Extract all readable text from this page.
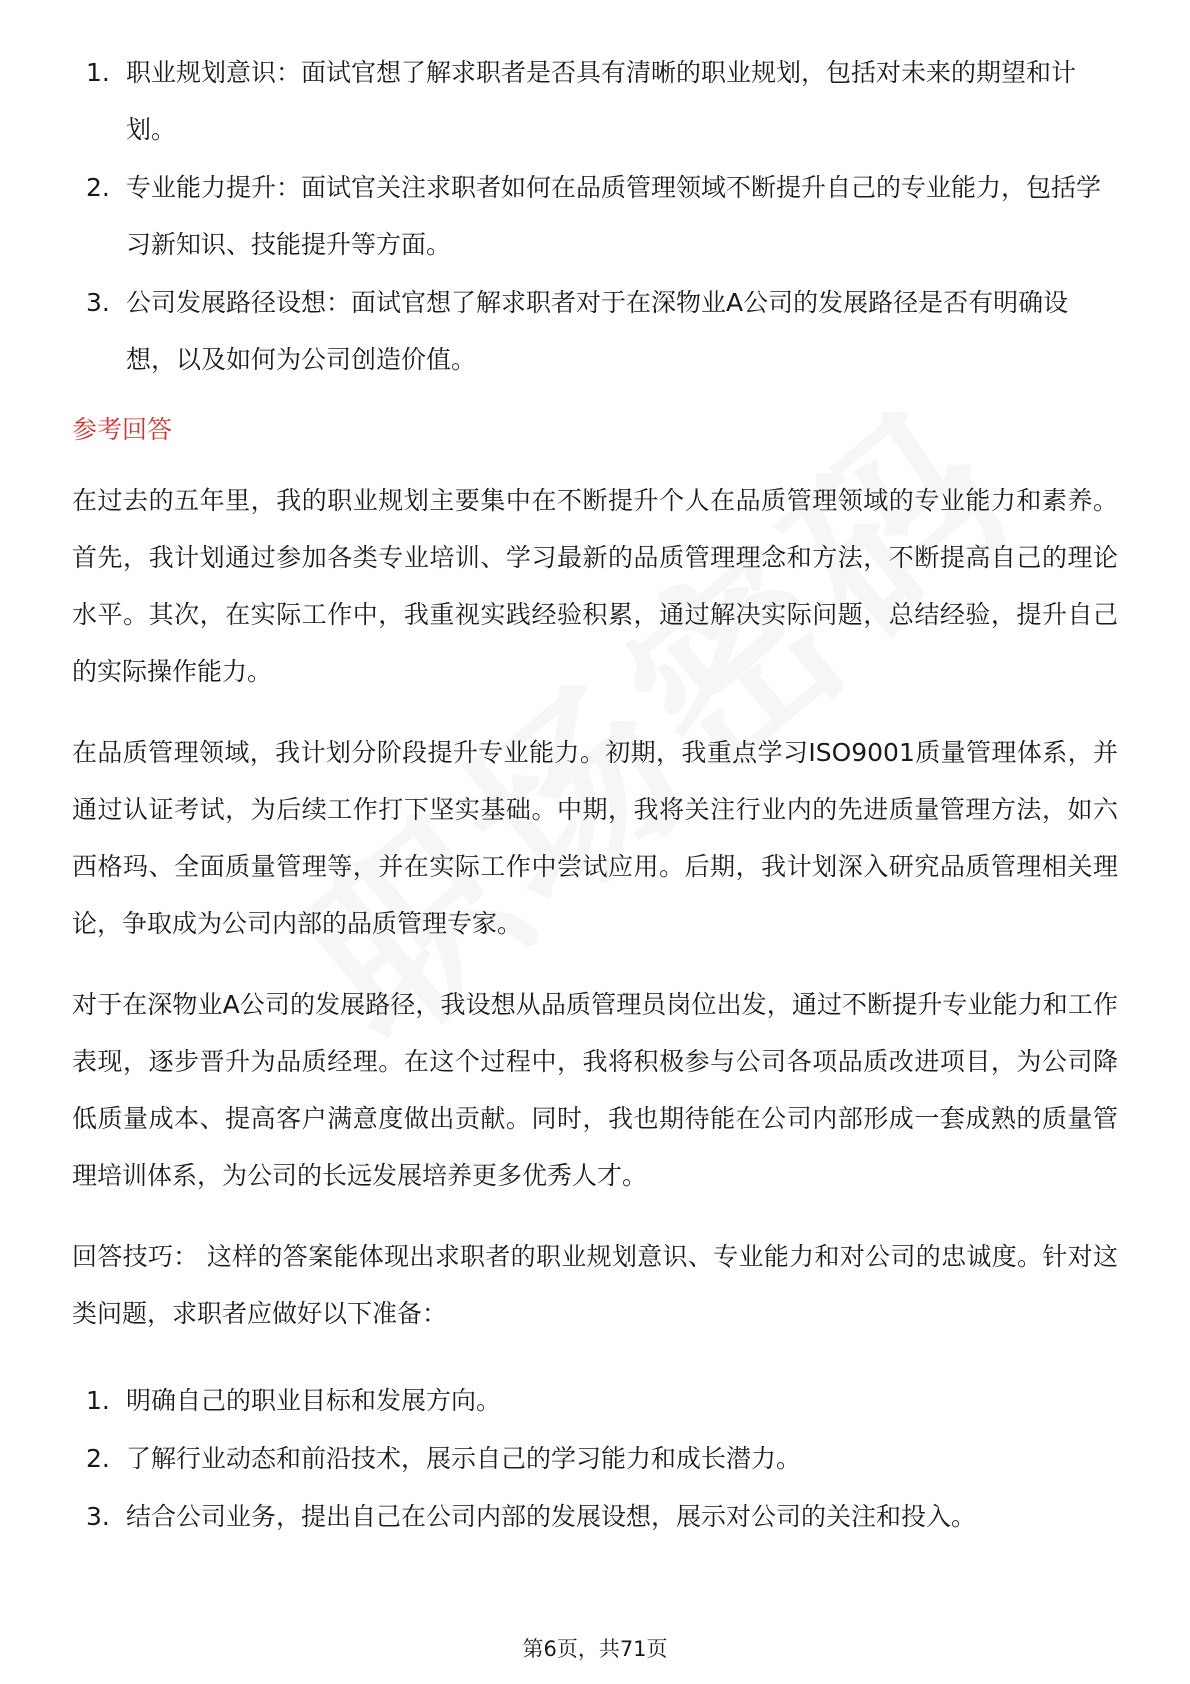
1. 职业规划意识：面试官想了解求职者是否具有清晰的职业规划，包括对未来的期望和计划。
2. 专业能力提升：面试官关注求职者如何在品质管理领域不断提升自己的专业能力，包括学习新知识、技能提升等方面。
3. 公司发展路径设想：面试官想了解求职者对于在深物业A公司的发展路径是否有明确设想，以及如何为公司创造价值。
参考回答

在过去的五年里，我的职业规划主要集中在不断提升个人在品质管理领域的专业能力和素养。首先，我计划通过参加各类专业培训、学习最新的品质管理理念和方法，不断提高自己的理论水平。其次，在实际工作中，我重视实践经验积累，通过解决实际问题，总结经验，提升自己的实际操作能力。

在品质管理领域，我计划分阶段提升专业能力。初期，我重点学习ISO9001质量管理体系，并通过认证考试，为后续工作打下坚实基础。中期，我将关注行业内的先进质量管理方法，如六西格玛、全面质量管理等，并在实际工作中尝试应用。后期，我计划深入研究品质管理相关理论，争取成为公司内部的品质管理专家。

对于在深物业A公司的发展路径，我设想从品质管理员岗位出发，通过不断提升专业能力和工作表现，逐步晋升为品质经理。在这个过程中，我将积极参与公司各项品质改进项目，为公司降低质量成本、提高客户满意度做出贡献。同时，我也期待能在公司内部形成一套成熟的质量管理培训体系，为公司的长远发展培养更多优秀人才。

回答技巧： 这样的答案能体现出求职者的职业规划意识、专业能力和对公司的忠诚度。针对这类问题，求职者应做好以下准备：
1. 明确自己的职业目标和发展方向。
2. 了解行业动态和前沿技术，展示自己的学习能力和成长潜力。
3. 结合公司业务，提出自己在公司内部的发展设想，展示对公司的关注和投入。
第6页，共71页
